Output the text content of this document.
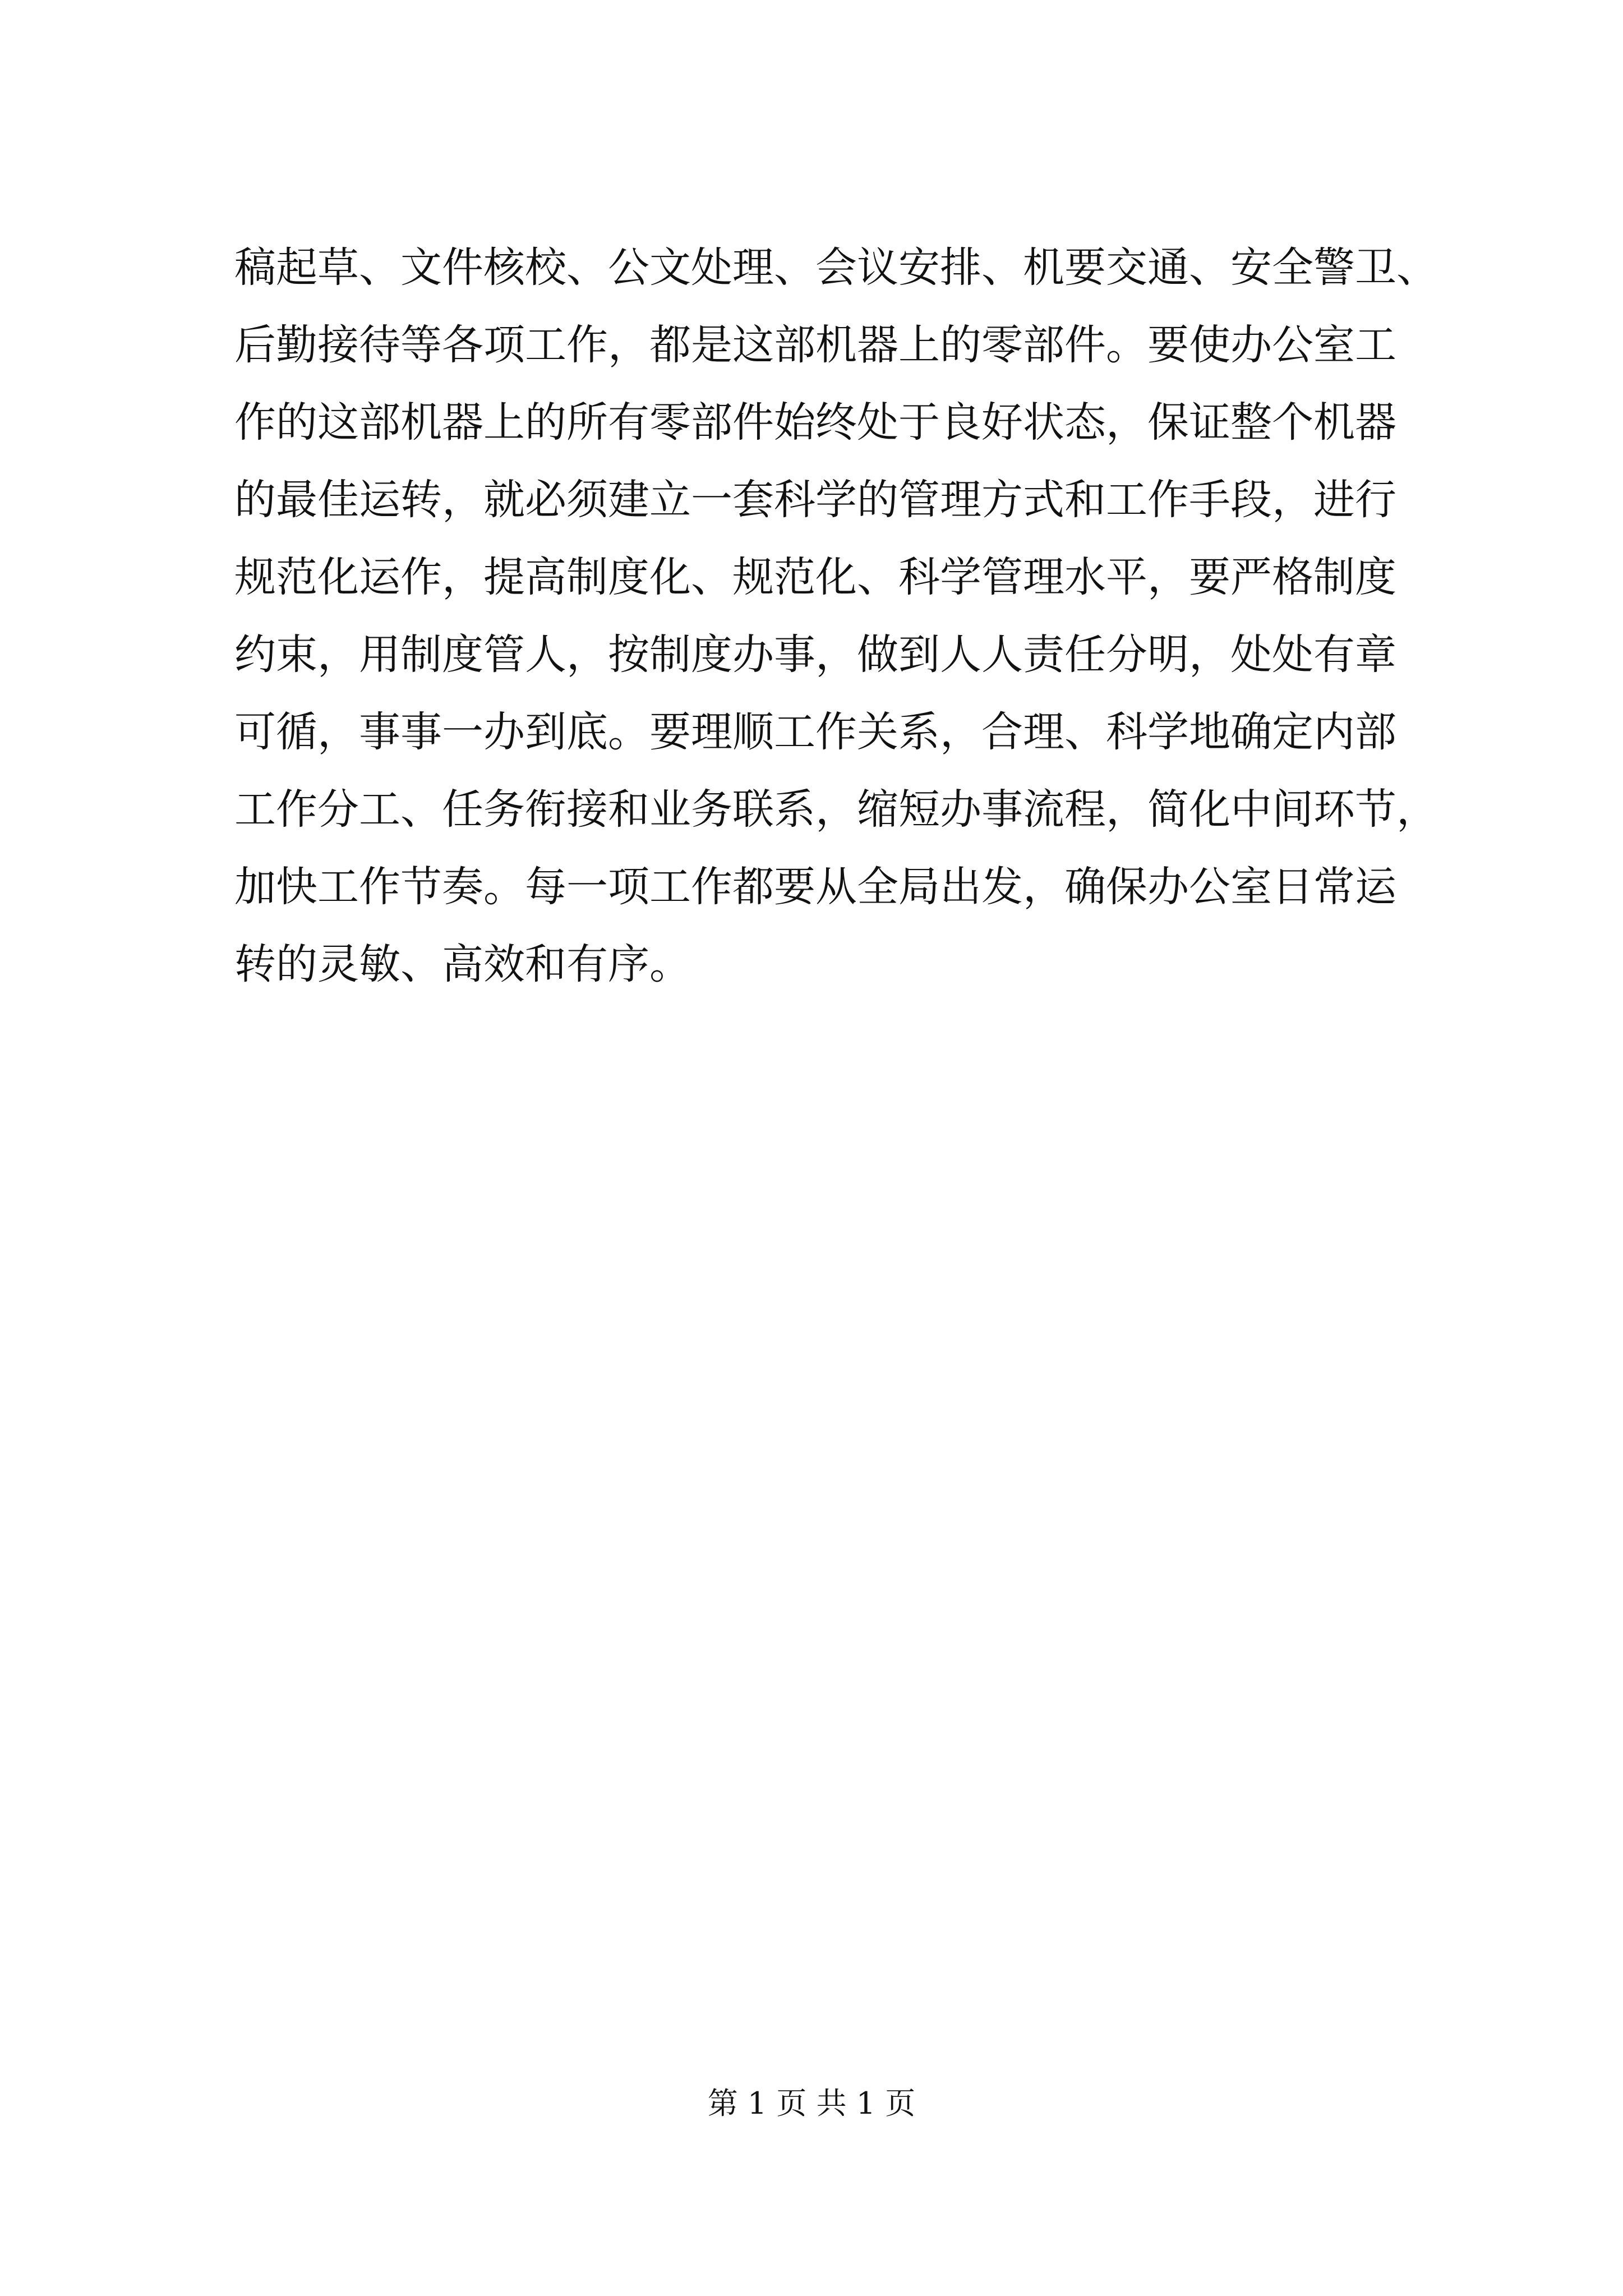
稿起草、文件核校、公文处理、会议安排、机要交通、安全警卫、
后勤接待等各项工作，都是这部机器上的零部件。要使办公室工
作的这部机器上的所有零部件始终处于良好状态，保证整个机器
的最佳运转，就必须建立一套科学的管理方式和工作手段，进行
规范化运作，提高制度化、规范化、科学管理水平，要严格制度
约束，用制度管人，按制度办事，做到人人责任分明，处处有章
可循，事事一办到底。要理顺工作关系，合理、科学地确定内部
工作分工、任务衔接和业务联系，缩短办事流程，简化中间环节，
加快工作节奏。每一项工作都要从全局出发，确保办公室日常运
转的灵敏、高效和有序。
第 1 页 共 1 页
